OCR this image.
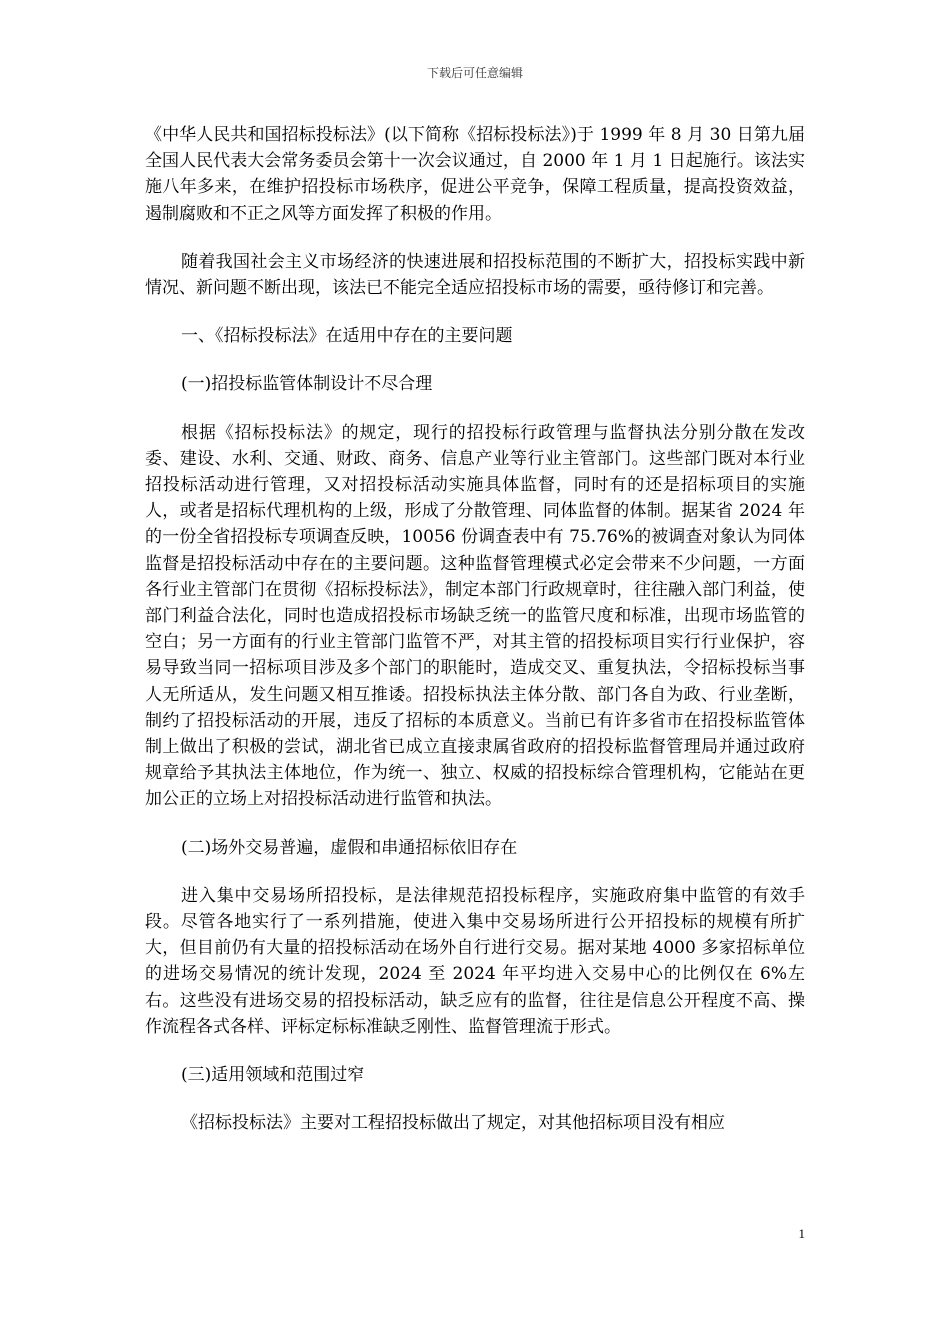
下载后可任意编辑

《中华人民共和国招标投标法》(以下简称《招标投标法》)于 1999 年 8 月 30 日第九届全国人民代表大会常务委员会第十一次会议通过，自 2000 年 1 月 1 日起施行。该法实施八年多来，在维护招投标市场秩序，促进公平竞争，保障工程质量，提高投资效益，遏制腐败和不正之风等方面发挥了积极的作用。

随着我国社会主义市场经济的快速进展和招投标范围的不断扩大，招投标实践中新情况、新问题不断出现，该法已不能完全适应招投标市场的需要，亟待修订和完善。

一、《招标投标法》在适用中存在的主要问题

(一)招投标监管体制设计不尽合理

根据《招标投标法》的规定，现行的招投标行政管理与监督执法分别分散在发改委、建设、水利、交通、财政、商务、信息产业等行业主管部门。这些部门既对本行业招投标活动进行管理，又对招投标活动实施具体监督，同时有的还是招标项目的实施人，或者是招标代理机构的上级，形成了分散管理、同体监督的体制。据某省 2024 年的一份全省招投标专项调查反映，10056 份调查表中有 75.76%的被调查对象认为同体监督是招投标活动中存在的主要问题。这种监督管理模式必定会带来不少问题，一方面各行业主管部门在贯彻《招标投标法》，制定本部门行政规章时，往往融入部门利益，使部门利益合法化，同时也造成招投标市场缺乏统一的监管尺度和标准，出现市场监管的空白；另一方面有的行业主管部门监管不严，对其主管的招投标项目实行行业保护，容易导致当同一招标项目涉及多个部门的职能时，造成交叉、重复执法，令招标投标当事人无所适从，发生问题又相互推诿。招投标执法主体分散、部门各自为政、行业垄断，制约了招投标活动的开展，违反了招标的本质意义。当前已有许多省市在招投标监管体制上做出了积极的尝试，湖北省已成立直接隶属省政府的招投标监督管理局并通过政府规章给予其执法主体地位，作为统一、独立、权威的招投标综合管理机构，它能站在更加公正的立场上对招投标活动进行监管和执法。

(二)场外交易普遍，虚假和串通招标依旧存在

进入集中交易场所招投标，是法律规范招投标程序，实施政府集中监管的有效手段。尽管各地实行了一系列措施，使进入集中交易场所进行公开招投标的规模有所扩大，但目前仍有大量的招投标活动在场外自行进行交易。据对某地 4000 多家招标单位的进场交易情况的统计发现，2024 至 2024 年平均进入交易中心的比例仅在 6%左右。这些没有进场交易的招投标活动，缺乏应有的监督，往往是信息公开程度不高、操作流程各式各样、评标定标标准缺乏刚性、监督管理流于形式。

(三)适用领域和范围过窄

《招标投标法》主要对工程招投标做出了规定，对其他招标项目没有相应

1
